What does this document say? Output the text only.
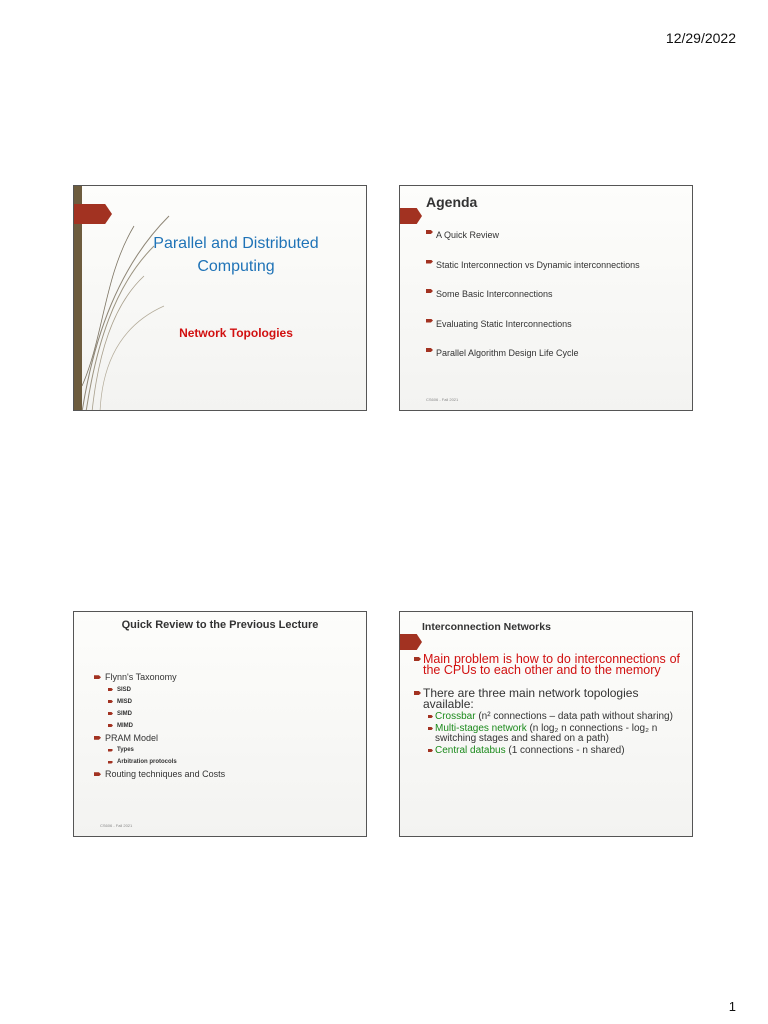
12/29/2022
Parallel and Distributed
Computing
Network Topologies
Agenda
A Quick Review
Static Interconnection vs Dynamic interconnections
Some Basic Interconnections
Evaluating Static Interconnections
Parallel Algorithm Design Life Cycle
CS606 - Fall 2021
Quick Review to the Previous Lecture
Flynn's Taxonomy
SISD
MISD
SIMD
MIMD
PRAM Model
Types
Arbitration protocols
Routing techniques and Costs
CS606 - Fall 2021
Interconnection Networks
Main problem is how to do interconnections of the CPUs to each other and to the memory
There are three main network topologies available:
Crossbar (n² connections – data path without sharing)
Multi-stages network (n log₂ n connections - log₂ n switching stages and shared on a path)
Central databus (1 connections - n shared)
1
